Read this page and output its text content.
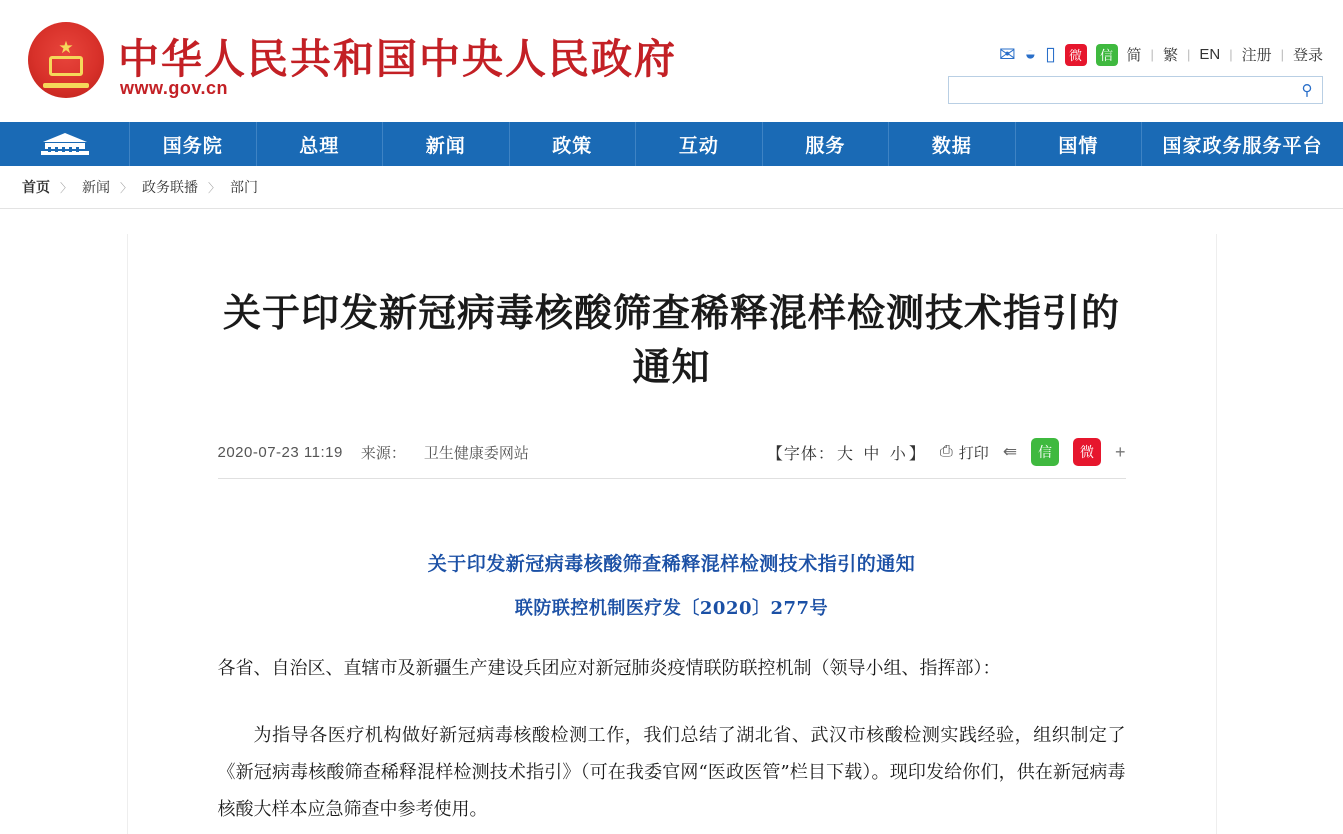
★ 中华人民共和国中央人民政府
www.gov.cn
✉ ◒ ▯	微	信 简 | 繁 | EN | 注册 | 登录
⚲
国务院	总理	新闻	政策	互动	服务	数据	国情	国家政务服务平台
首页 〉 新闻 〉 政务联播 〉 部门
关于印发新冠病毒核酸筛查稀释混样检测技术指引的通知
2020-07-23 11:19 来源： 卫生健康委网站	【字体： 大 中 小 】 ⎙ 打印 ⇚	信	微	+
关于印发新冠病毒核酸筛查稀释混样检测技术指引的通知
联防联控机制医疗发〔2020〕277号

各省、自治区、直辖市及新疆生产建设兵团应对新冠肺炎疫情联防联控机制（领导小组、指挥部）：

为指导各医疗机构做好新冠病毒核酸检测工作，我们总结了湖北省、武汉市核酸检测实践经验，组织制定了《新冠病毒核酸筛查稀释混样检测技术指引》（可在我委官网“医政医管”栏目下载）。现印发给你们，供在新冠病毒核酸大样本应急筛查中参考使用。
